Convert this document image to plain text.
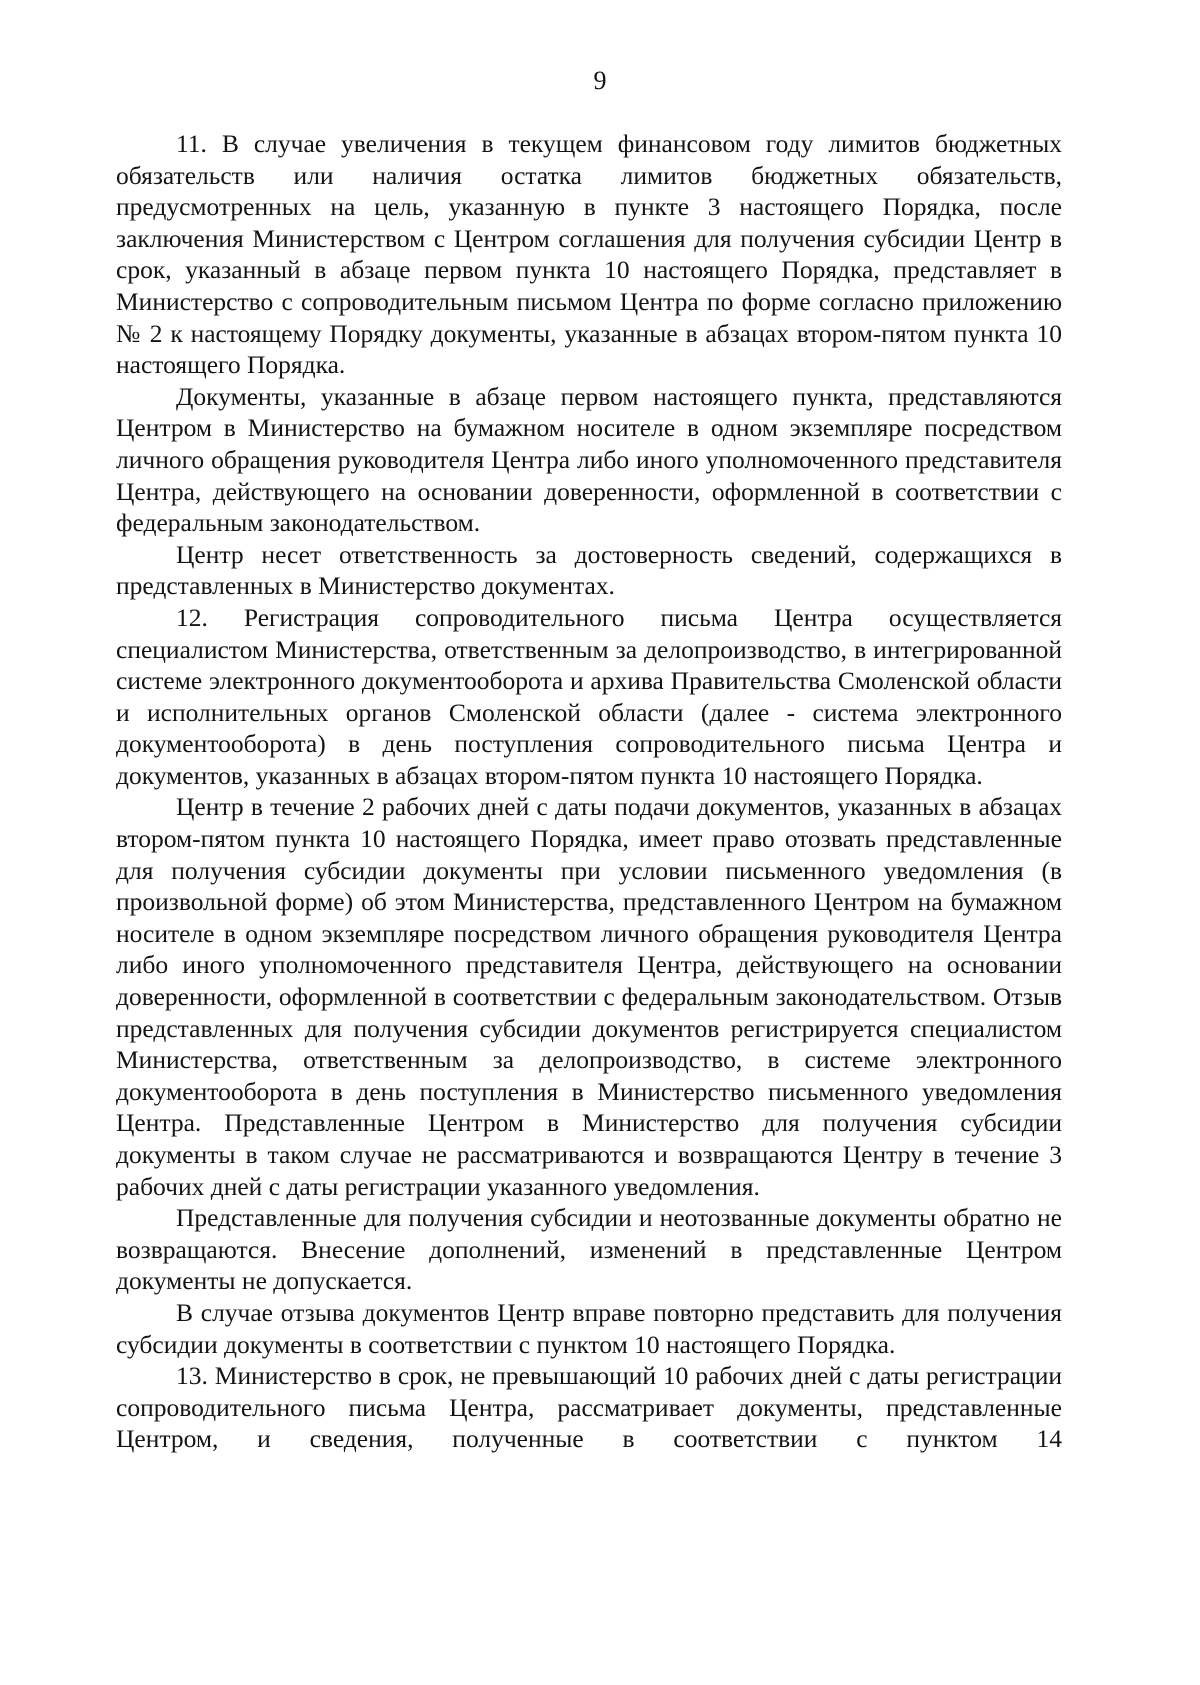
9

11. В случае увеличения в текущем финансовом году лимитов бюджетных обязательств или наличия остатка лимитов бюджетных обязательств, предусмотренных на цель, указанную в пункте 3 настоящего Порядка, после заключения Министерством с Центром соглашения для получения субсидии Центр в срок, указанный в абзаце первом пункта 10 настоящего Порядка, представляет в Министерство с сопроводительным письмом Центра по форме согласно приложению № 2 к настоящему Порядку документы, указанные в абзацах втором-пятом пункта 10 настоящего Порядка.

Документы, указанные в абзаце первом настоящего пункта, представляются Центром в Министерство на бумажном носителе в одном экземпляре посредством личного обращения руководителя Центра либо иного уполномоченного представителя Центра, действующего на основании доверенности, оформленной в соответствии с федеральным законодательством.

Центр несет ответственность за достоверность сведений, содержащихся в представленных в Министерство документах.

12. Регистрация сопроводительного письма Центра осуществляется специалистом Министерства, ответственным за делопроизводство, в интегрированной системе электронного документооборота и архива Правительства Смоленской области и исполнительных органов Смоленской области (далее - система электронного документооборота) в день поступления сопроводительного письма Центра и документов, указанных в абзацах втором-пятом пункта 10 настоящего Порядка.

Центр в течение 2 рабочих дней с даты подачи документов, указанных в абзацах втором-пятом пункта 10 настоящего Порядка, имеет право отозвать представленные для получения субсидии документы при условии письменного уведомления (в произвольной форме) об этом Министерства, представленного Центром на бумажном носителе в одном экземпляре посредством личного обращения руководителя Центра либо иного уполномоченного представителя Центра, действующего на основании доверенности, оформленной в соответствии с федеральным законодательством. Отзыв представленных для получения субсидии документов регистрируется специалистом Министерства, ответственным за делопроизводство, в системе электронного документооборота в день поступления в Министерство письменного уведомления Центра. Представленные Центром в Министерство для получения субсидии документы в таком случае не рассматриваются и возвращаются Центру в течение 3 рабочих дней с даты регистрации указанного уведомления.

Представленные для получения субсидии и неотозванные документы обратно не возвращаются. Внесение дополнений, изменений в представленные Центром документы не допускается.

В случае отзыва документов Центр вправе повторно представить для получения субсидии документы в соответствии с пунктом 10 настоящего Порядка.

13. Министерство в срок, не превышающий 10 рабочих дней с даты регистрации сопроводительного письма Центра, рассматривает документы, представленные Центром, и сведения, полученные в соответствии с пунктом 14
